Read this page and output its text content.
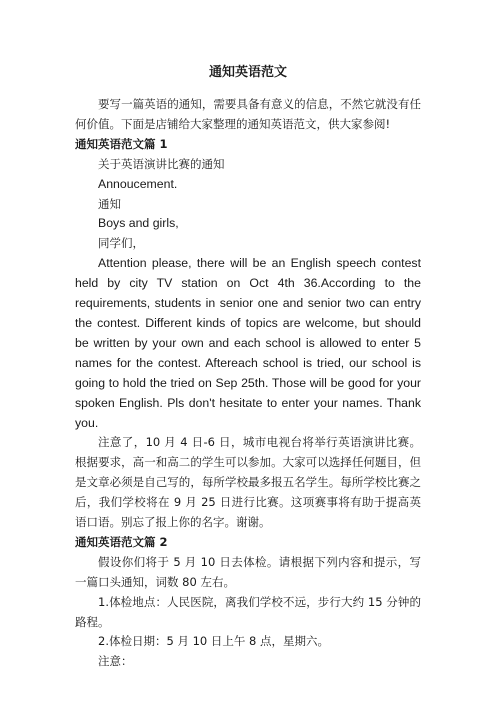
通知英语范文

要写一篇英语的通知，需要具备有意义的信息，不然它就没有任何价值。下面是店铺给大家整理的通知英语范文，供大家参阅!

通知英语范文篇 1

关于英语演讲比赛的通知

Annoucement.

通知

Boys and girls,

同学们，

Attention please, there will be an English speech contest held by city TV station on Oct 4th 36.According to the requirements, students in senior one and senior two can entry the contest. Different kinds of topics are welcome, but should be written by your own and each school is allowed to enter 5 names for the contest. Aftereach school is tried, our school is going to hold the tried on Sep 25th. Those will be good for your spoken English. Pls don't hesitate to enter your names. Thank you.

注意了，10 月 4 日-6 日，城市电视台将举行英语演讲比赛。根据要求，高一和高二的学生可以参加。大家可以选择任何题目，但是文章必须是自己写的，每所学校最多报五名学生。每所学校比赛之后，我们学校将在 9 月 25 日进行比赛。这项赛事将有助于提高英语口语。别忘了报上你的名字。谢谢。

通知英语范文篇 2

假设你们将于 5 月 10 日去体检。请根据下列内容和提示，写一篇口头通知，词数 80 左右。

1.体检地点：人民医院，离我们学校不远，步行大约 15 分钟的路程。

2.体检日期：5 月 10 日上午 8 点，星期六。

注意：
